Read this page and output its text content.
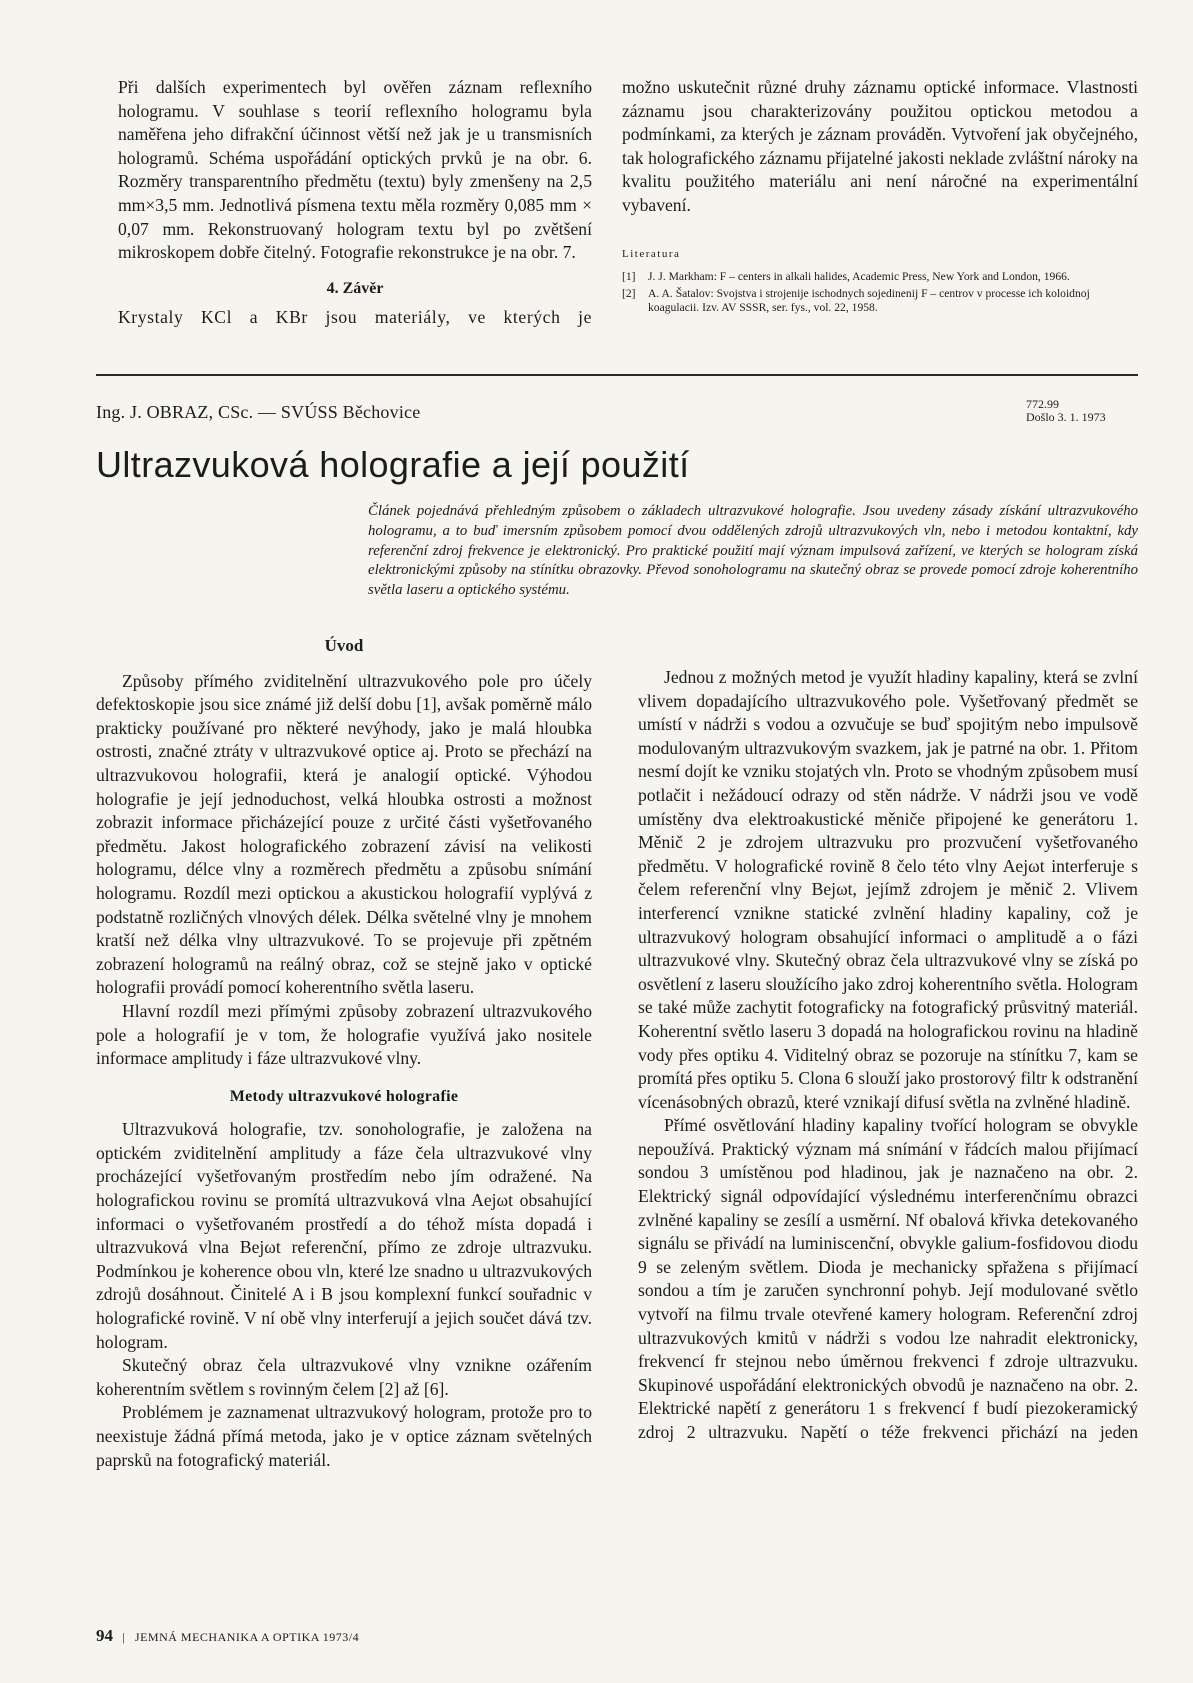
Při dalších experimentech byl ověřen záznam reflexního hologramu. V souhlase s teorií reflexního hologramu byla naměřena jeho difrakční účinnost větší než jak je u transmisních hologramů. Schéma uspořádání optických prvků je na obr. 6. Rozměry transparentního předmětu (textu) byly zmenšeny na 2,5 mm×3,5 mm. Jednotlivá písmena textu měla rozměry 0,085 mm × 0,07 mm. Rekonstruovaný hologram textu byl po zvětšení mikroskopem dobře čitelný. Fotografie rekonstrukce je na obr. 7.

4. Závěr

Krystaly KCl a KBr jsou materiály, ve kterých je

možno uskutečnit různé druhy záznamu optické informace. Vlastnosti záznamu jsou charakterizovány použitou optickou metodou a podmínkami, za kterých je záznam prováděn. Vytvoření jak obyčejného, tak holografického záznamu přijatelné jakosti neklade zvláštní nároky na kvalitu použitého materiálu ani není náročné na experimentální vybavení.

Literatura
[1]	J. J. Markham: F – centers in alkali halides, Academic Press, New York and London, 1966.
[2]	A. A. Šatalov: Svojstva i strojenije ischodnych sojedinenij F – centrov v processe ich koloidnoj koagulacii. Izv. AV SSSR, ser. fys., vol. 22, 1958.
Ing. J. OBRAZ, CSc. — SVÚSS Běchovice	772.99
Došlo 3. 1. 1973
Ultrazvuková holografie a její použití
Článek pojednává přehledným způsobem o základech ultrazvukové holografie. Jsou uvedeny zásady získání ultrazvukového hologramu, a to buď imersním způsobem pomocí dvou oddělených zdrojů ultrazvukových vln, nebo i metodou kontaktní, kdy referenční zdroj frekvence je elektronický. Pro praktické použití mají význam impulsová zařízení, ve kterých se hologram získá elektronickými způsoby na stínítku obrazovky. Převod sonohologramu na skutečný obraz se provede pomocí zdroje koherentního světla laseru a optického systému.
Úvod

Způsoby přímého zviditelnění ultrazvukového pole pro účely defektoskopie jsou sice známé již delší dobu [1], avšak poměrně málo prakticky používané pro některé nevýhody, jako je malá hloubka ostrosti, značné ztráty v ultrazvukové optice aj. Proto se přechází na ultrazvukovou holografii, která je analogií optické. Výhodou holografie je její jednoduchost, velká hloubka ostrosti a možnost zobrazit informace přicházející pouze z určité části vyšetřovaného předmětu. Jakost holografického zobrazení závisí na velikosti hologramu, délce vlny a rozměrech předmětu a způsobu snímání hologramu. Rozdíl mezi optickou a akustickou holografií vyplývá z podstatně rozličných vlnových délek. Délka světelné vlny je mnohem kratší než délka vlny ultrazvukové. To se projevuje při zpětném zobrazení hologramů na reálný obraz, což se stejně jako v optické holografii provádí pomocí koherentního světla laseru.

Hlavní rozdíl mezi přímými způsoby zobrazení ultrazvukového pole a holografií je v tom, že holografie využívá jako nositele informace amplitudy i fáze ultrazvukové vlny.

Metody ultrazvukové holografie

Ultrazvuková holografie, tzv. sonoholografie, je založena na optickém zviditelnění amplitudy a fáze čela ultrazvukové vlny procházející vyšetřovaným prostředím nebo jím odražené. Na holografickou rovinu se promítá ultrazvuková vlna Aejωt obsahující informaci o vyšetřovaném prostředí a do téhož místa dopadá i ultrazvuková vlna Bejωt referenční, přímo ze zdroje ultrazvuku. Podmínkou je koherence obou vln, které lze snadno u ultrazvukových zdrojů dosáhnout. Činitelé A i B jsou komplexní funkcí souřadnic v holografické rovině. V ní obě vlny interferují a jejich součet dává tzv. hologram.

Skutečný obraz čela ultrazvukové vlny vznikne ozářením koherentním světlem s rovinným čelem [2] až [6].

Problémem je zaznamenat ultrazvukový hologram, protože pro to neexistuje žádná přímá metoda, jako je v optice záznam světelných paprsků na fotografický materiál.

Jednou z možných metod je využít hladiny kapaliny, která se zvlní vlivem dopadajícího ultrazvukového pole. Vyšetřovaný předmět se umístí v nádrži s vodou a ozvučuje se buď spojitým nebo impulsově modulovaným ultrazvukovým svazkem, jak je patrné na obr. 1. Přitom nesmí dojít ke vzniku stojatých vln. Proto se vhodným způsobem musí potlačit i nežádoucí odrazy od stěn nádrže. V nádrži jsou ve vodě umístěny dva elektroakustické měniče připojené ke generátoru 1. Měnič 2 je zdrojem ultrazvuku pro prozvučení vyšetřovaného předmětu. V holografické rovině 8 čelo této vlny Aejωt interferuje s čelem referenční vlny Bejωt, jejímž zdrojem je měnič 2. Vlivem interferencí vznikne statické zvlnění hladiny kapaliny, což je ultrazvukový hologram obsahující informaci o amplitudě a o fázi ultrazvukové vlny. Skutečný obraz čela ultrazvukové vlny se získá po osvětlení z laseru sloužícího jako zdroj koherentního světla. Hologram se také může zachytit fotograficky na fotografický průsvitný materiál. Koherentní světlo laseru 3 dopadá na holografickou rovinu na hladině vody přes optiku 4. Viditelný obraz se pozoruje na stínítku 7, kam se promítá přes optiku 5. Clona 6 slouží jako prostorový filtr k odstranění vícenásobných obrazů, které vznikají difusí světla na zvlněné hladině.

Přímé osvětlování hladiny kapaliny tvořící hologram se obvykle nepoužívá. Praktický význam má snímání v řádcích malou přijímací sondou 3 umístěnou pod hladinou, jak je naznačeno na obr. 2. Elektrický signál odpovídající výslednému interferenčnímu obrazci zvlněné kapaliny se zesílí a usměrní. Nf obalová křivka detekovaného signálu se přivádí na luminiscenční, obvykle galium-fosfidovou diodu 9 se zeleným světlem. Dioda je mechanicky spřažena s přijímací sondou a tím je zaručen synchronní pohyb. Její modulované světlo vytvoří na filmu trvale otevřené kamery hologram. Referenční zdroj ultrazvukových kmitů v nádrži s vodou lze nahradit elektronicky, frekvencí fr stejnou nebo úměrnou frekvenci f zdroje ultrazvuku. Skupinové uspořádání elektronických obvodů je naznačeno na obr. 2. Elektrické napětí z generátoru 1 s frekvencí f budí piezokeramický zdroj 2 ultrazvuku. Napětí o téže frekvenci přichází na jeden

94 | JEMNÁ MECHANIKA A OPTIKA 1973/4
